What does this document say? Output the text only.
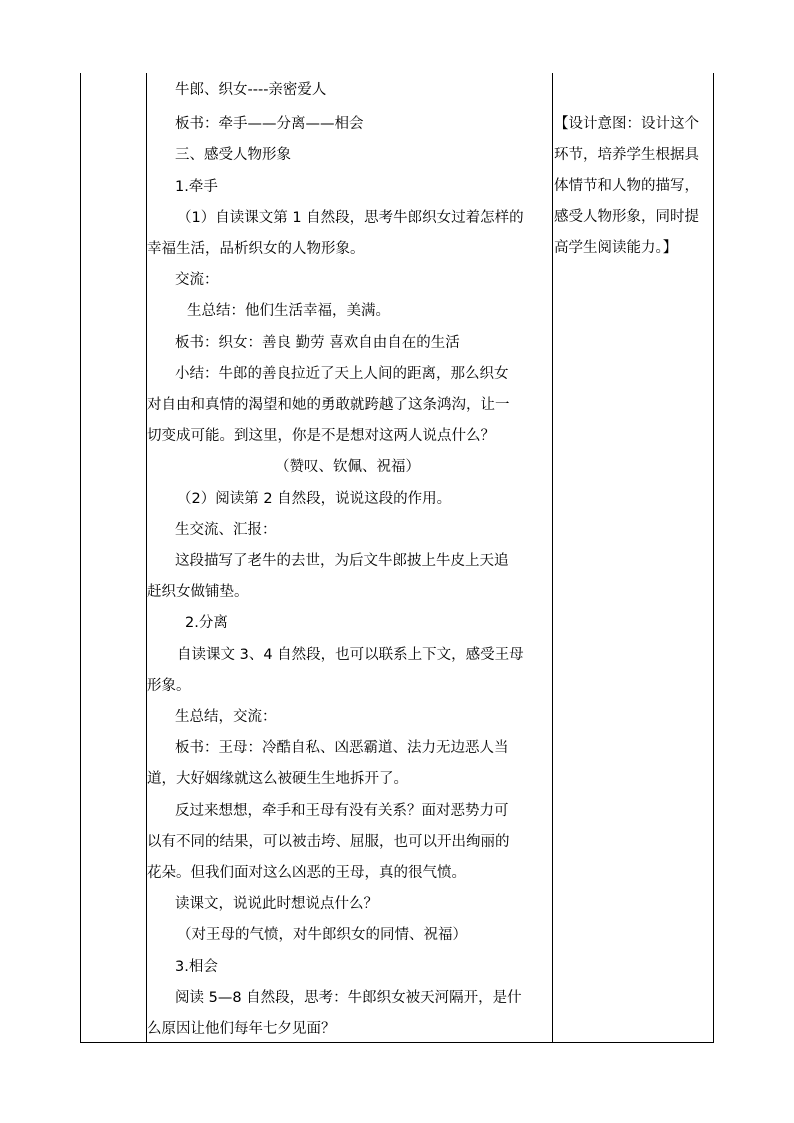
牛郎、织女----亲密爱人
板书：牵手——分离——相会
三、感受人物形象
1.牵手
（1）自读课文第 1 自然段，思考牛郎织女过着怎样的
幸福生活，品析织女的人物形象。
交流：
生总结：他们生活幸福，美满。
板书：织女：善良 勤劳 喜欢自由自在的生活
小结：牛郎的善良拉近了天上人间的距离，那么织女
对自由和真情的渴望和她的勇敢就跨越了这条鸿沟，让一
切变成可能。到这里，你是不是想对这两人说点什么？
（赞叹、钦佩、祝福）
（2）阅读第 2 自然段，说说这段的作用。
生交流、汇报：
这段描写了老牛的去世，为后文牛郎披上牛皮上天追
赶织女做铺垫。
2.分离
自读课文 3、4 自然段，也可以联系上下文，感受王母
形象。
生总结，交流：
板书：王母：冷酷自私、凶恶霸道、法力无边恶人当
道，大好姻缘就这么被硬生生地拆开了。
反过来想想，牵手和王母有没有关系？面对恶势力可
以有不同的结果，可以被击垮、屈服，也可以开出绚丽的
花朵。但我们面对这么凶恶的王母，真的很气愤。
读课文，说说此时想说点什么？
（对王母的气愤，对牛郎织女的同情、祝福）
3.相会
阅读 5—8 自然段，思考：牛郎织女被天河隔开，是什
么原因让他们每年七夕见面？
【设计意图：设计这个
环节，培养学生根据具
体情节和人物的描写，
感受人物形象，同时提
高学生阅读能力。】
